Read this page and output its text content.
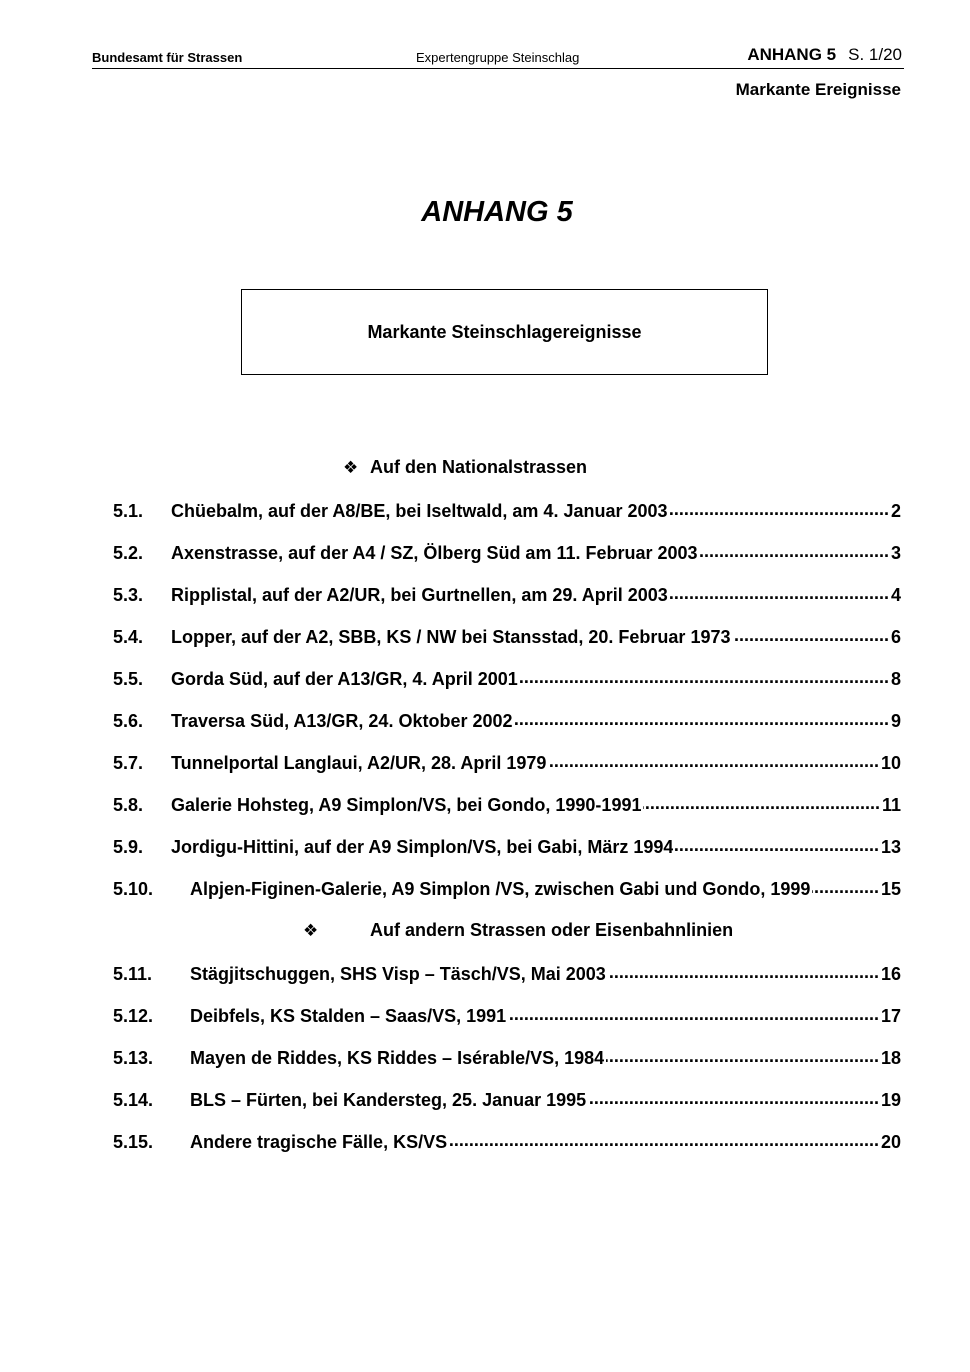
Bundesamt für Strassen	Expertengruppe Steinschlag	ANHANG 5 S. 1/20
Markante Ereignisse
ANHANG 5
Markante Steinschlagereignisse
❖ Auf den Nationalstrassen
5.1.	Chüebalm, auf der A8/BE, bei Iseltwald, am 4. Januar 2003 .....	2
5.2.	Axenstrasse, auf der A4 / SZ, Ölberg Süd am 11. Februar 2003 .....	3
5.3.	Ripplistal, auf der A2/UR, bei Gurtnellen, am 29. April 2003 .....	4
5.4.	Lopper, auf der A2, SBB, KS / NW bei Stansstad, 20. Februar 1973 .....	6
5.5.	Gorda Süd, auf der A13/GR, 4. April 2001 .....	8
5.6.	Traversa Süd, A13/GR, 24. Oktober 2002 .....	9
5.7.	Tunnelportal Langlaui, A2/UR, 28. April 1979 .....	10
5.8.	Galerie Hohsteg, A9 Simplon/VS, bei Gondo, 1990-1991 .....	11
5.9.	Jordigu-Hittini, auf der A9 Simplon/VS, bei Gabi, März 1994 .....	13
5.10.	Alpjen-Figinen-Galerie, A9 Simplon /VS, zwischen Gabi und Gondo, 1999 .....	15
❖	Auf andern Strassen oder Eisenbahnlinien
5.11.	Stägjitschuggen, SHS Visp – Täsch/VS, Mai 2003 .....	16
5.12.	Deibfels, KS Stalden – Saas/VS, 1991 .....	17
5.13.	Mayen de Riddes, KS Riddes – Isérable/VS, 1984 .....	18
5.14.	BLS – Fürten, bei Kandersteg, 25. Januar 1995 .....	19
5.15.	Andere tragische Fälle, KS/VS .....	20
